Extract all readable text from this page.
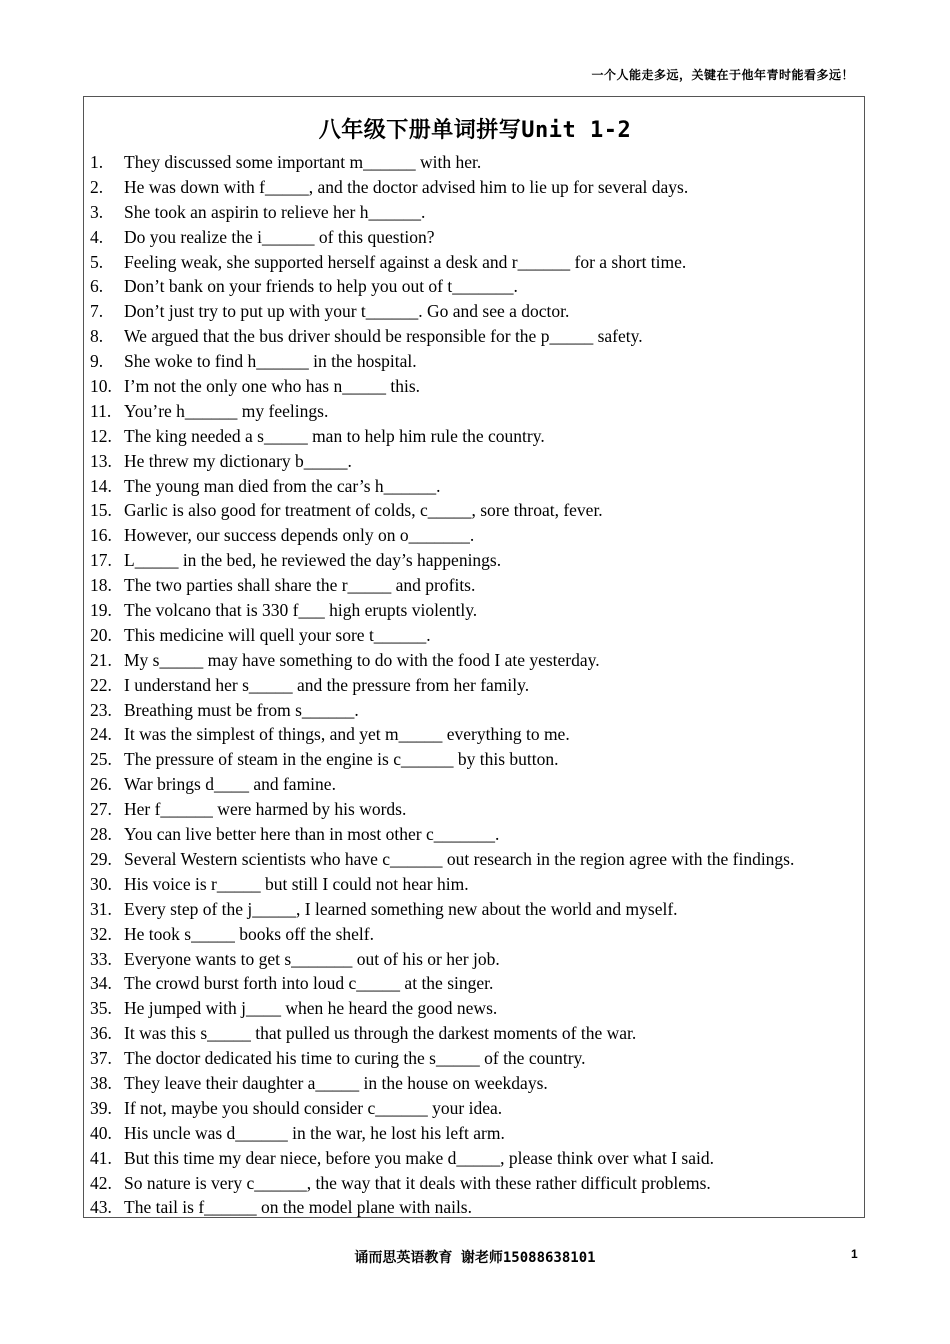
一个人能走多远，关键在于他年青时能看多远！
八年级下册单词拼写Unit 1-2
1. They discussed some important m______ with her.
2. He was down with f_____, and the doctor advised him to lie up for several days.
3. She took an aspirin to relieve her h______.
4. Do you realize the i______ of this question?
5. Feeling weak, she supported herself against a desk and r______ for a short time.
6. Don’t bank on your friends to help you out of t_______.
7. Don’t just try to put up with your t______. Go and see a doctor.
8. We argued that the bus driver should be responsible for the p_____ safety.
9. She woke to find h______ in the hospital.
10. I’m not the only one who has n_____ this.
11. You’re h______ my feelings.
12. The king needed a s_____ man to help him rule the country.
13. He threw my dictionary b_____.
14. The young man died from the car’s h______.
15. Garlic is also good for treatment of colds, c_____, sore throat, fever.
16. However, our success depends only on o_______.
17. L_____ in the bed, he reviewed the day’s happenings.
18. The two parties shall share the r_____ and profits.
19. The volcano that is 330 f___ high erupts violently.
20. This medicine will quell your sore t______.
21. My s_____ may have something to do with the food I ate yesterday.
22. I understand her s_____ and the pressure from her family.
23. Breathing must be from s______.
24. It was the simplest of things, and yet m_____ everything to me.
25. The pressure of steam in the engine is c______ by this button.
26. War brings d____ and famine.
27. Her f______ were harmed by his words.
28. You can live better here than in most other c_______.
29. Several Western scientists who have c______ out research in the region agree with the findings.
30. His voice is r_____ but still I could not hear him.
31. Every step of the j_____, I learned something new about the world and myself.
32. He took s_____ books off the shelf.
33. Everyone wants to get s_______ out of his or her job.
34. The crowd burst forth into loud c_____ at the singer.
35. He jumped with j____ when he heard the good news.
36. It was this s_____ that pulled us through the darkest moments of the war.
37. The doctor dedicated his time to curing the s_____ of the country.
38. They leave their daughter a_____ in the house on weekdays.
39. If not, maybe you should consider c______ your idea.
40. His uncle was d______ in the war, he lost his left arm.
41. But this time my dear niece, before you make d_____, please think over what I said.
42. So nature is very c______, the way that it deals with these rather difficult problems.
43. The tail is f______ on the model plane with nails.
诵而思英语教育 谢老师15088638101	1
